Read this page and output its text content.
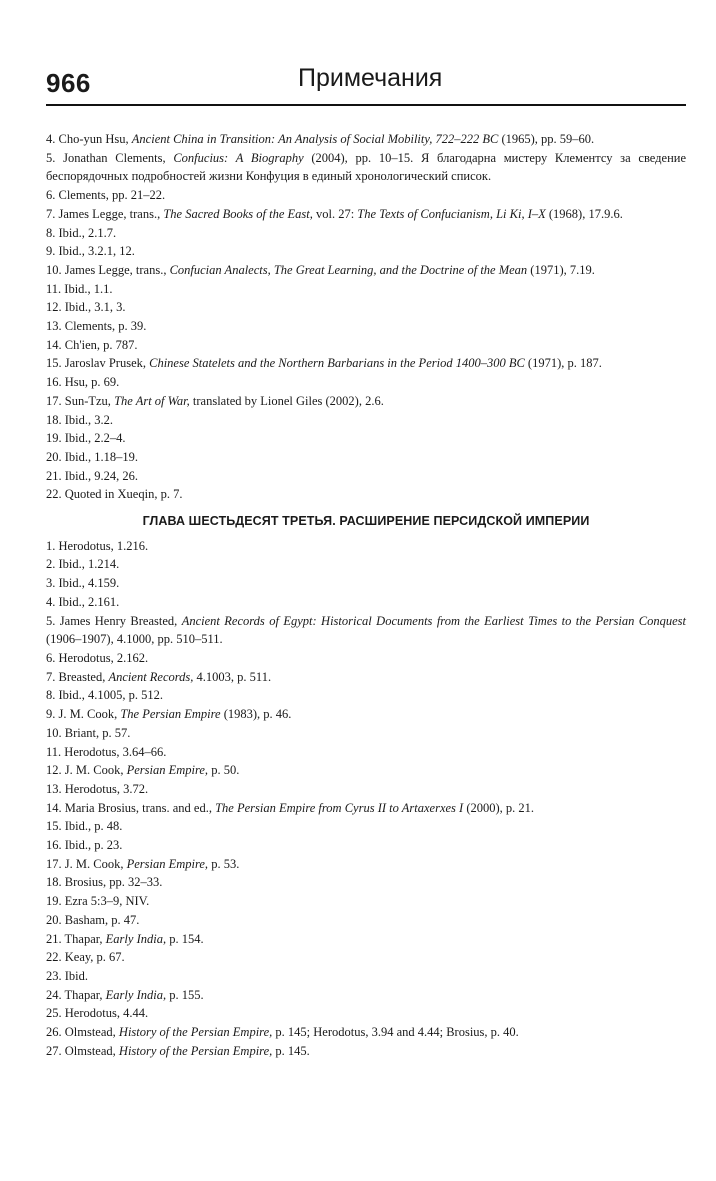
966	Примечания

4. Cho-yun Hsu, Ancient China in Transition: An Analysis of Social Mobility, 722–222 BC (1965), pp. 59–60.

5. Jonathan Clements, Confucius: A Biography (2004), pp. 10–15. Я благодарна мистеру Клементсу за сведение беспорядочных подробностей жизни Конфуция в единый хронологический список.

6. Clements, pp. 21–22.

7. James Legge, trans., The Sacred Books of the East, vol. 27: The Texts of Confucianism, Li Ki, I–X (1968), 17.9.6.

8. Ibid., 2.1.7.

9. Ibid., 3.2.1, 12.

10. James Legge, trans., Confucian Analects, The Great Learning, and the Doctrine of the Mean (1971), 7.19.

11. Ibid., 1.1.

12. Ibid., 3.1, 3.

13. Clements, p. 39.

14. Ch'ien, p. 787.

15. Jaroslav Prusek, Chinese Statelets and the Northern Barbarians in the Period 1400–300 BC (1971), p. 187.

16. Hsu, p. 69.

17. Sun-Tzu, The Art of War, translated by Lionel Giles (2002), 2.6.

18. Ibid., 3.2.

19. Ibid., 2.2–4.

20. Ibid., 1.18–19.

21. Ibid., 9.24, 26.

22. Quoted in Xueqin, p. 7.

ГЛАВА ШЕСТЬДЕСЯТ ТРЕТЬЯ. РАСШИРЕНИЕ ПЕРСИДСКОЙ ИМПЕРИИ

1. Herodotus, 1.216.

2. Ibid., 1.214.

3. Ibid., 4.159.

4. Ibid., 2.161.

5. James Henry Breasted, Ancient Records of Egypt: Historical Documents from the Earliest Times to the Persian Conquest (1906–1907), 4.1000, pp. 510–511.

6. Herodotus, 2.162.

7. Breasted, Ancient Records, 4.1003, p. 511.

8. Ibid., 4.1005, p. 512.

9. J. M. Cook, The Persian Empire (1983), p. 46.

10. Briant, p. 57.

11. Herodotus, 3.64–66.

12. J. M. Cook, Persian Empire, p. 50.

13. Herodotus, 3.72.

14. Maria Brosius, trans. and ed., The Persian Empire from Cyrus II to Artaxerxes I (2000), p. 21.

15. Ibid., p. 48.

16. Ibid., p. 23.

17. J. M. Cook, Persian Empire, p. 53.

18. Brosius, pp. 32–33.

19. Ezra 5:3–9, NIV.

20. Basham, p. 47.

21. Thapar, Early India, p. 154.

22. Keay, p. 67.

23. Ibid.

24. Thapar, Early India, p. 155.

25. Herodotus, 4.44.

26. Olmstead, History of the Persian Empire, p. 145; Herodotus, 3.94 and 4.44; Brosius, p. 40.

27. Olmstead, History of the Persian Empire, p. 145.
